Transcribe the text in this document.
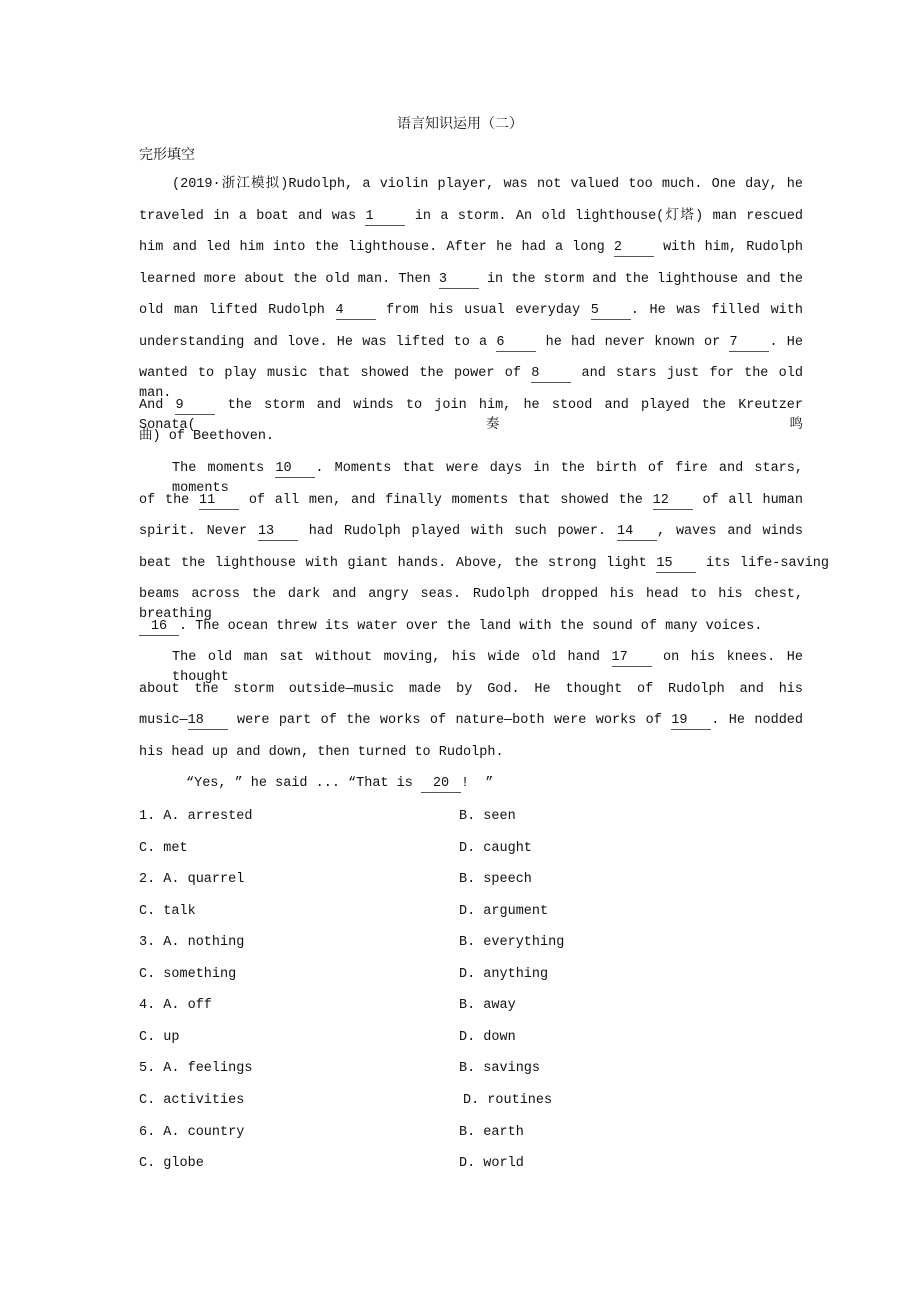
语言知识运用（二）
完形填空
(2019·浙江模拟)Rudolph, a violin player, was not valued too much. One day, he
traveled in a boat and was 1 in a storm. An old lighthouse(灯塔) man rescued
him and led him into the lighthouse. After he had a long 2 with him, Rudolph
learned more about the old man. Then 3 in the storm and the lighthouse and the
old man lifted Rudolph 4 from his usual everyday 5 . He was filled with
understanding and love. He was lifted to a 6 he had never known or 7 . He
wanted to play music that showed the power of 8 and stars just for the old man.
And 9 the storm and winds to join him, he stood and played the Kreutzer Sonata(奏鸣
曲) of Beethoven.
The moments 10 . Moments that were days in the birth of fire and stars, moments
of the 11 of all men, and finally moments that showed the 12 of all human
spirit. Never 13 had Rudolph played with such power. 14 , waves and winds
beat the lighthouse with giant hands. Above, the strong light 15 its life-saving
beams across the dark and angry seas. Rudolph dropped his head to his chest, breathing
16 . The ocean threw its water over the land with the sound of many voices.
The old man sat without moving, his wide old hand 17 on his knees. He thought
about the storm outside—music made by God. He thought of Rudolph and his
music—18 were part of the works of nature—both were works of 19 . He nodded
his head up and down, then turned to Rudolph.
“Yes, ” he said ... “That is 20 !  ”
1. A. arrested	B. seen
C. met	D. caught
2. A. quarrel	B. speech
C. talk	D. argument
3. A. nothing	B. everything
C. something	D. anything
4. A. off	B. away
C. up	D. down
5. A. feelings	B. savings
C. activities	D. routines
6. A. country	B. earth
C. globe	D. world
